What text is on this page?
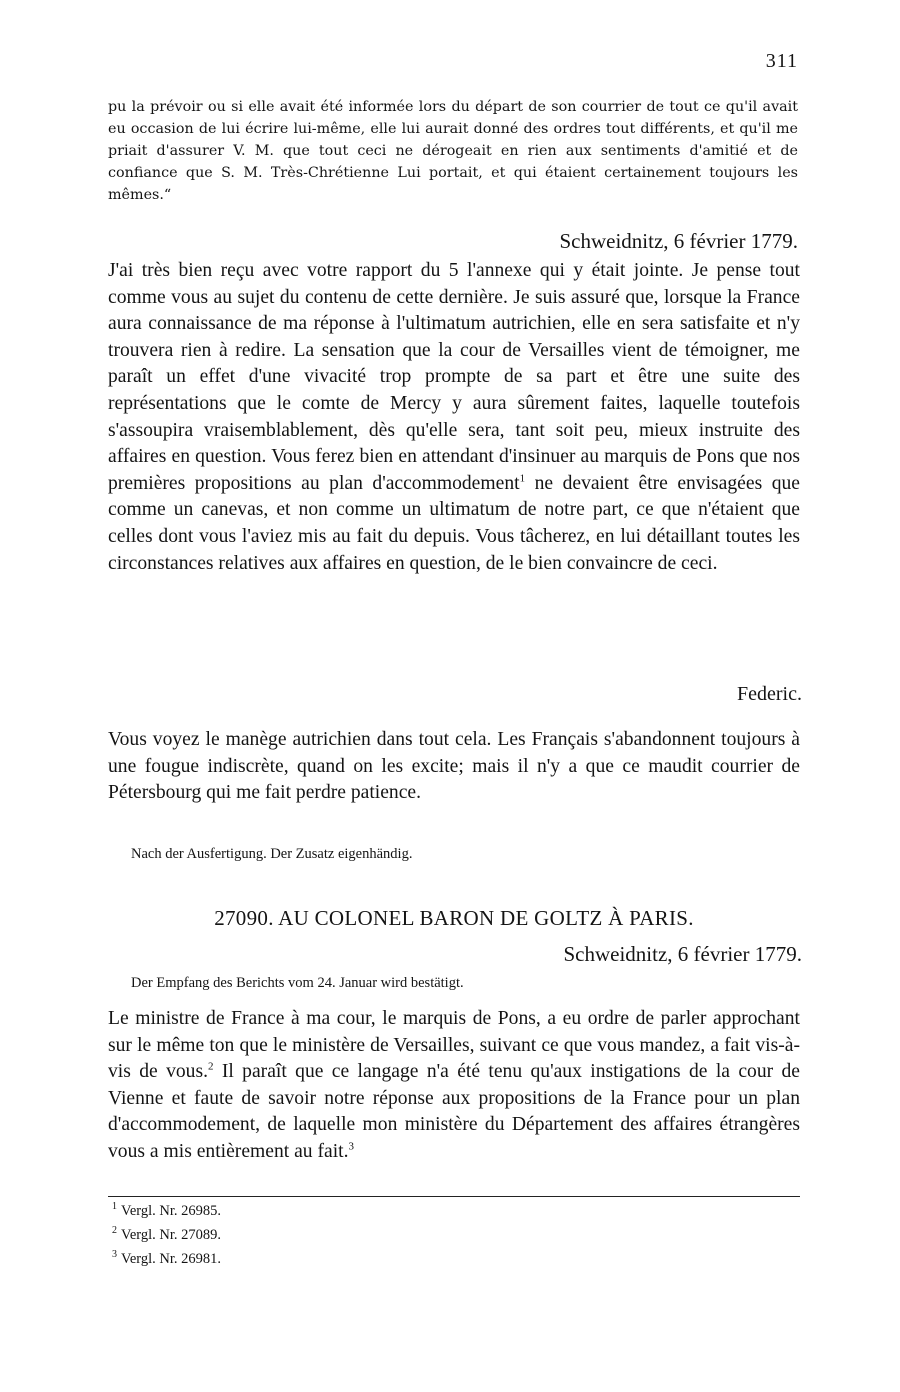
311

pu la prévoir ou si elle avait été informée lors du départ de son courrier de tout ce qu'il avait eu occasion de lui écrire lui-même, elle lui aurait donné des ordres tout différents, et qu'il me priait d'assurer V. M. que tout ceci ne dérogeait en rien aux sentiments d'amitié et de confiance que S. M. Très-Chrétienne Lui portait, et qui étaient certainement toujours les mêmes.“

Schweidnitz, 6 février 1779.

J'ai très bien reçu avec votre rapport du 5 l'annexe qui y était jointe. Je pense tout comme vous au sujet du contenu de cette dernière. Je suis assuré que, lorsque la France aura connaissance de ma réponse à l'ultimatum autrichien, elle en sera satisfaite et n'y trouvera rien à redire. La sensation que la cour de Versailles vient de témoigner, me paraît un effet d'une vivacité trop prompte de sa part et être une suite des représentations que le comte de Mercy y aura sûrement faites, laquelle toutefois s'assoupira vraisemblablement, dès qu'elle sera, tant soit peu, mieux instruite des affaires en question. Vous ferez bien en attendant d'insinuer au marquis de Pons que nos premières propositions au plan d'accommodement$^1$ ne devaient être envisagées que comme un canevas, et non comme un ultimatum de notre part, ce que n'étaient que celles dont vous l'aviez mis au fait du depuis. Vous tâcherez, en lui détaillant toutes les circonstances relatives aux affaires en question, de le bien convaincre de ceci.

Federic.

Vous voyez le manège autrichien dans tout cela. Les Français s'abandonnent toujours à une fougue indiscrète, quand on les excite; mais il n'y a que ce maudit courrier de Pétersbourg qui me fait perdre patience.

Nach der Ausfertigung. Der Zusatz eigenhändig.
27090. AU COLONEL BARON DE GOLTZ À PARIS.
Schweidnitz, 6 février 1779.
Der Empfang des Berichts vom 24. Januar wird bestätigt.

Le ministre de France à ma cour, le marquis de Pons, a eu ordre de parler approchant sur le même ton que le ministère de Versailles, suivant ce que vous mandez, a fait vis-à-vis de vous.$^2$ Il paraît que ce langage n'a été tenu qu'aux instigations de la cour de Vienne et faute de savoir notre réponse aux propositions de la France pour un plan d'accommodement, de laquelle mon ministère du Département des affaires étrangères vous a mis entièrement au fait.$^3$

$^1$ Vergl. Nr. 26985.
$^2$ Vergl. Nr. 27089.
$^3$ Vergl. Nr. 26981.
